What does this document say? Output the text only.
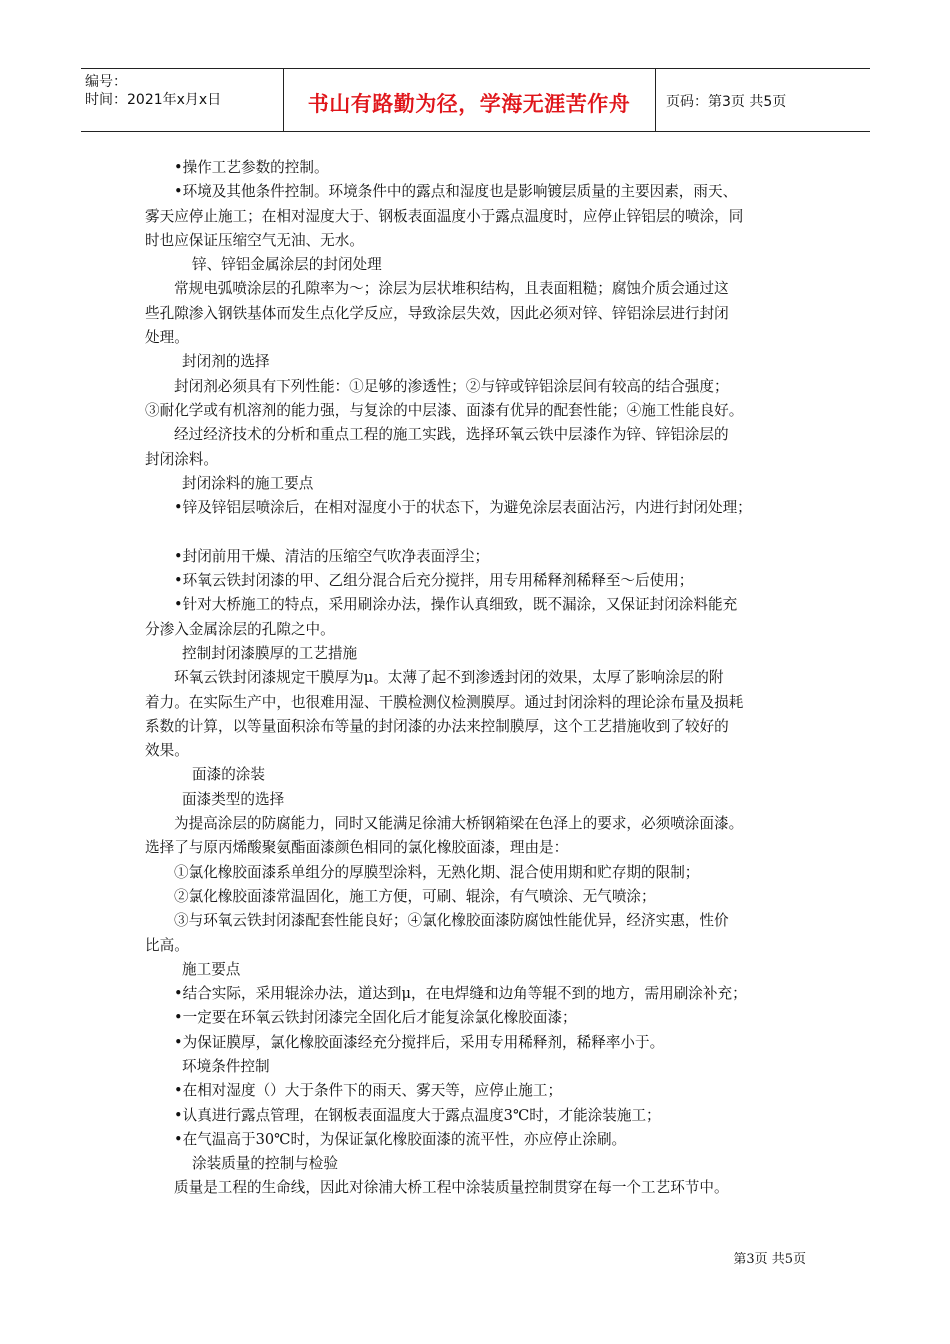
编号：
时间：2021年x月x日	书山有路勤为径，学海无涯苦作舟	页码：第3页 共5页
•操作工艺参数的控制。
•环境及其他条件控制。环境条件中的露点和湿度也是影响镀层质量的主要因素，雨天、
雾天应停止施工；在相对湿度大于、钢板表面温度小于露点温度时，应停止锌铝层的喷涂，同
时也应保证压缩空气无油、无水。
锌、锌铝金属涂层的封闭处理
常规电弧喷涂层的孔隙率为～；涂层为层状堆积结构，且表面粗糙；腐蚀介质会通过这
些孔隙渗入钢铁基体而发生点化学反应，导致涂层失效，因此必须对锌、锌铝涂层进行封闭
处理。
封闭剂的选择
封闭剂必须具有下列性能：①足够的渗透性；②与锌或锌铝涂层间有较高的结合强度；
③耐化学或有机溶剂的能力强，与复涂的中层漆、面漆有优异的配套性能；④施工性能良好。
经过经济技术的分析和重点工程的施工实践，选择环氧云铁中层漆作为锌、锌铝涂层的
封闭涂料。
封闭涂料的施工要点
•锌及锌铝层喷涂后，在相对湿度小于的状态下，为避免涂层表面沾污，内进行封闭处理；
•封闭前用干燥、清洁的压缩空气吹净表面浮尘；
•环氧云铁封闭漆的甲、乙组分混合后充分搅拌，用专用稀释剂稀释至～后使用；
•针对大桥施工的特点，采用刷涂办法，操作认真细致，既不漏涂，又保证封闭涂料能充
分渗入金属涂层的孔隙之中。
控制封闭漆膜厚的工艺措施
环氧云铁封闭漆规定干膜厚为μ。太薄了起不到渗透封闭的效果，太厚了影响涂层的附
着力。在实际生产中，也很难用湿、干膜检测仪检测膜厚。通过封闭涂料的理论涂布量及损耗
系数的计算，以等量面积涂布等量的封闭漆的办法来控制膜厚，这个工艺措施收到了较好的
效果。
面漆的涂装
面漆类型的选择
为提高涂层的防腐能力，同时又能满足徐浦大桥钢箱梁在色泽上的要求，必须喷涂面漆。
选择了与原丙烯酸聚氨酯面漆颜色相同的氯化橡胶面漆，理由是：
①氯化橡胶面漆系单组分的厚膜型涂料，无熟化期、混合使用期和贮存期的限制；
②氯化橡胶面漆常温固化，施工方便，可刷、辊涂，有气喷涂、无气喷涂；
③与环氧云铁封闭漆配套性能良好；④氯化橡胶面漆防腐蚀性能优异，经济实惠，性价
比高。
施工要点
•结合实际，采用辊涂办法，道达到μ，在电焊缝和边角等辊不到的地方，需用刷涂补充；
•一定要在环氧云铁封闭漆完全固化后才能复涂氯化橡胶面漆；
•为保证膜厚，氯化橡胶面漆经充分搅拌后，采用专用稀释剂，稀释率小于。
环境条件控制
•在相对湿度（）大于条件下的雨天、雾天等，应停止施工；
•认真进行露点管理，在钢板表面温度大于露点温度3℃时，才能涂装施工；
•在气温高于30℃时，为保证氯化橡胶面漆的流平性，亦应停止涂刷。
涂装质量的控制与检验
质量是工程的生命线，因此对徐浦大桥工程中涂装质量控制贯穿在每一个工艺环节中。
第3页 共5页
